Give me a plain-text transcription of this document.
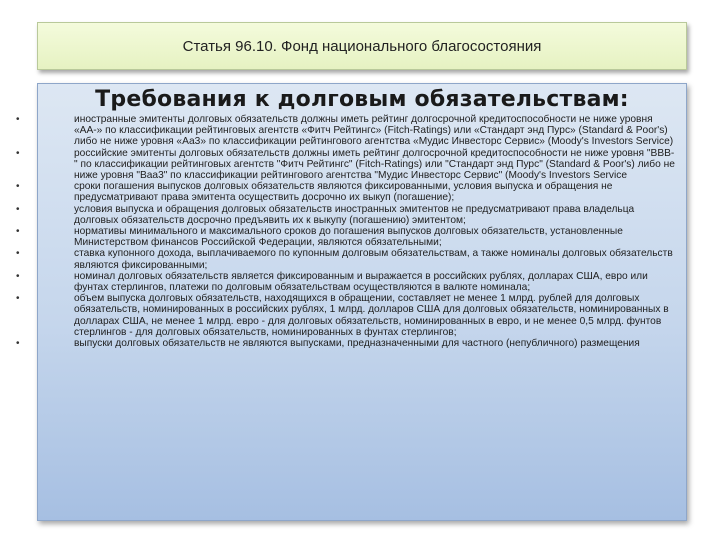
Статья 96.10. Фонд национального благосостояния
Требования к долговым обязательствам:
•	иностранные эмитенты долговых обязательств должны иметь рейтинг долгосрочной кредитоспособности не ниже уровня «АА-» по классификации рейтинговых агентств «Фитч Рейтингс» (Fitch-Ratings) или «Стандарт энд Пурс» (Standard & Poor's) либо не ниже уровня «Аа3» по классификации рейтингового агентства «Мудис Инвесторс Сервис» (Moody's Investors Service)
•	российские эмитенты долговых обязательств должны иметь рейтинг долгосрочной кредитоспособности не ниже уровня "BBB-" по классификации рейтинговых агентств "Фитч Рейтингс" (Fitch-Ratings) или "Стандарт энд Пурс" (Standard & Poor's) либо не ниже уровня "Baa3" по классификации рейтингового агентства "Мудис Инвесторс Сервис" (Moody's Investors Service
•	сроки погашения выпусков долговых обязательств являются фиксированными, условия выпуска и обращения не предусматривают права эмитента осуществить досрочно их выкуп (погашение);
•	условия выпуска и обращения долговых обязательств иностранных эмитентов не предусматривают права владельца долговых обязательств досрочно предъявить их к выкупу (погашению) эмитентом;
•	нормативы минимального и максимального сроков до погашения выпусков долговых обязательств, установленные Министерством финансов Российской Федерации, являются обязательными;
•	ставка купонного дохода, выплачиваемого по купонным долговым обязательствам, а также номиналы долговых обязательств являются фиксированными;
•	номинал долговых обязательств является фиксированным и выражается в российских рублях, долларах США, евро или фунтах стерлингов, платежи по долговым обязательствам осуществляются в валюте номинала;
•	объем выпуска долговых обязательств, находящихся в обращении, составляет не менее 1 млрд. рублей для долговых обязательств, номинированных в российских рублях, 1 млрд. долларов США для долговых обязательств, номинированных в долларах США, не менее 1 млрд. евро - для долговых обязательств, номинированных в евро, и не менее 0,5 млрд. фунтов стерлингов - для долговых обязательств, номинированных в фунтах стерлингов;
•	выпуски долговых обязательств не являются выпусками, предназначенными для частного (непубличного) размещения
